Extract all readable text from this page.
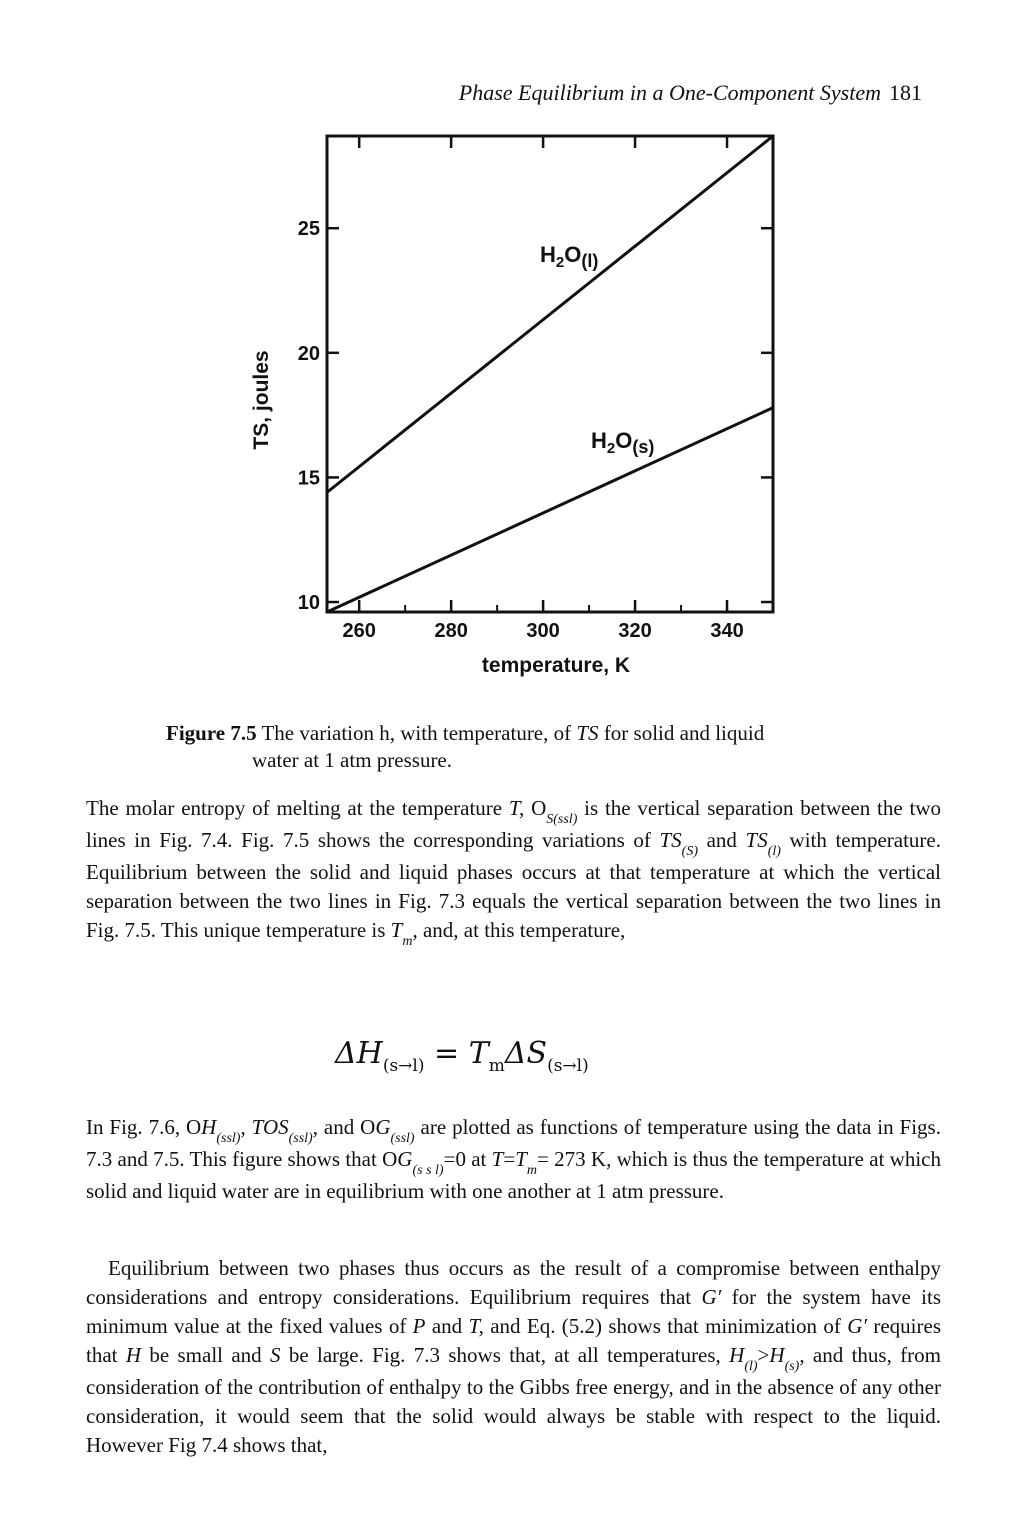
Phase Equilibrium in a One-Component System 181
260	280	300	320	340
10
15
20
25
temperature, K
TS, joules
$H_2O_{(l)}$
$H_2O_{(s)}$
Figure 7.5 The variation h, with temperature, of TS for solid and liquid
water at 1 atm pressure.
The molar entropy of melting at the temperature T, $O_{S(ssl)}$ is the vertical separation between the two lines in Fig. 7.4. Fig. 7.5 shows the corresponding variations of $TS_{(S)}$ and $TS_{(l)}$ with temperature. Equilibrium between the solid and liquid phases occurs at that temperature at which the vertical separation between the two lines in Fig. 7.3 equals the vertical separation between the two lines in Fig. 7.5. This unique temperature is $T_m$, and, at this temperature,
$\Delta H_{(s\to l)} = T_m\Delta S_{(s\to l)}$
In Fig. 7.6, $OH_{(ssl)}$, $TOS_{(ssl)}$, and $OG_{(ssl)}$ are plotted as functions of temperature using the data in Figs. 7.3 and 7.5. This figure shows that $OG_{(s s l)}=0$ at $T=T_m= 273$ K, which is thus the temperature at which solid and liquid water are in equilibrium with one another at 1 atm pressure.
Equilibrium between two phases thus occurs as the result of a compromise between enthalpy considerations and entropy considerations. Equilibrium requires that G′ for the system have its minimum value at the fixed values of P and T, and Eq. (5.2) shows that minimization of G′ requires that H be small and S be large. Fig. 7.3 shows that, at all temperatures, $H_{(l)}>H_{(s)}$, and thus, from consideration of the contribution of enthalpy to the Gibbs free energy, and in the absence of any other consideration, it would seem that the solid would always be stable with respect to the liquid. However Fig 7.4 shows that,
